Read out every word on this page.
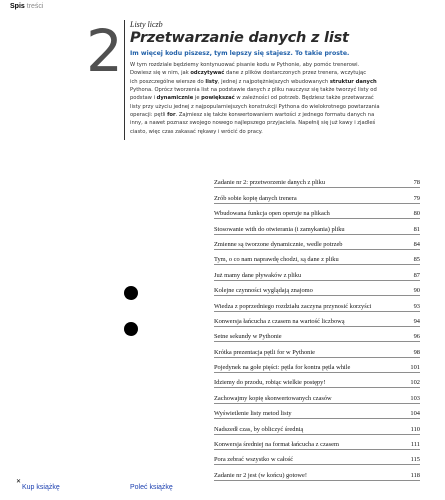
Spis treści
2 Listy liczb
Przetwarzanie danych z list
Im więcej kodu piszesz, tym lepszy się stajesz. To takie proste.

W tym rozdziale będziemy kontynuować pisanie kodu w Pythonie, aby pomóc trenerowi.

Dowiesz się w nim, jak odczytywać dane z plików dostarczonych przez trenera, wczytując

ich poszczególne wiersze do listy, jednej z najpotężniejszych wbudowanych struktur danych

Pythona. Oprócz tworzenia list na podstawie danych z pliku nauczysz się także tworzyć listy od

podstaw i dynamicznie je powiększać w zależności od potrzeb. Będziesz także przetwarzać

listy przy użyciu jednej z najpopularniejszych konstrukcji Pythona do wielokrotnego powtarzania

operacji: pętli for. Zajmiesz się także konwertowaniem wartości z jednego formatu danych na

inny, a nawet poznasz swojego nowego najlepszego przyjaciela. Napełnij się już kawy i zjadleś

ciasto, więc czas zakasać rękawy i wrócić do pracy.

Zadanie nr 2: przetworzenie danych z pliku	78
Zrób sobie kopię danych trenera	79
Wbudowana funkcja open operuje na plikach	80
Stosowanie with do otwierania (i zamykania) pliku	81
Zmienne są tworzone dynamicznie, wedle potrzeb	84
Tym, o co nam naprawdę chodzi, są dane z pliku	85
Już mamy dane pływaków z pliku	87
Kolejne czynności wyglądają znajomo	90
Wiedza z poprzedniego rozdziału zaczyna przynosić korzyści	93
Konwersja łańcucha z czasem na wartość liczbową	94
Setne sekundy w Pythonie	96
Krótka prezentacja pętli for w Pythonie	98
Pojedynek na gołe pięści: pętla for kontra pętla while	101
Idziemy do przodu, robiąc wielkie postępy!	102
Zachowajmy kopię skonwertowanych czasów	103
Wyświetlenie listy metod listy	104
Nadszedł czas, by obliczyć średnią	110
Konwersja średniej na format łańcucha z czasem	111
Pora zebrać wszystko w całość	115
Zadanie nr 2 jest (w końcu) gotowe!	118
✕
Kup książkę	Poleć książkę
